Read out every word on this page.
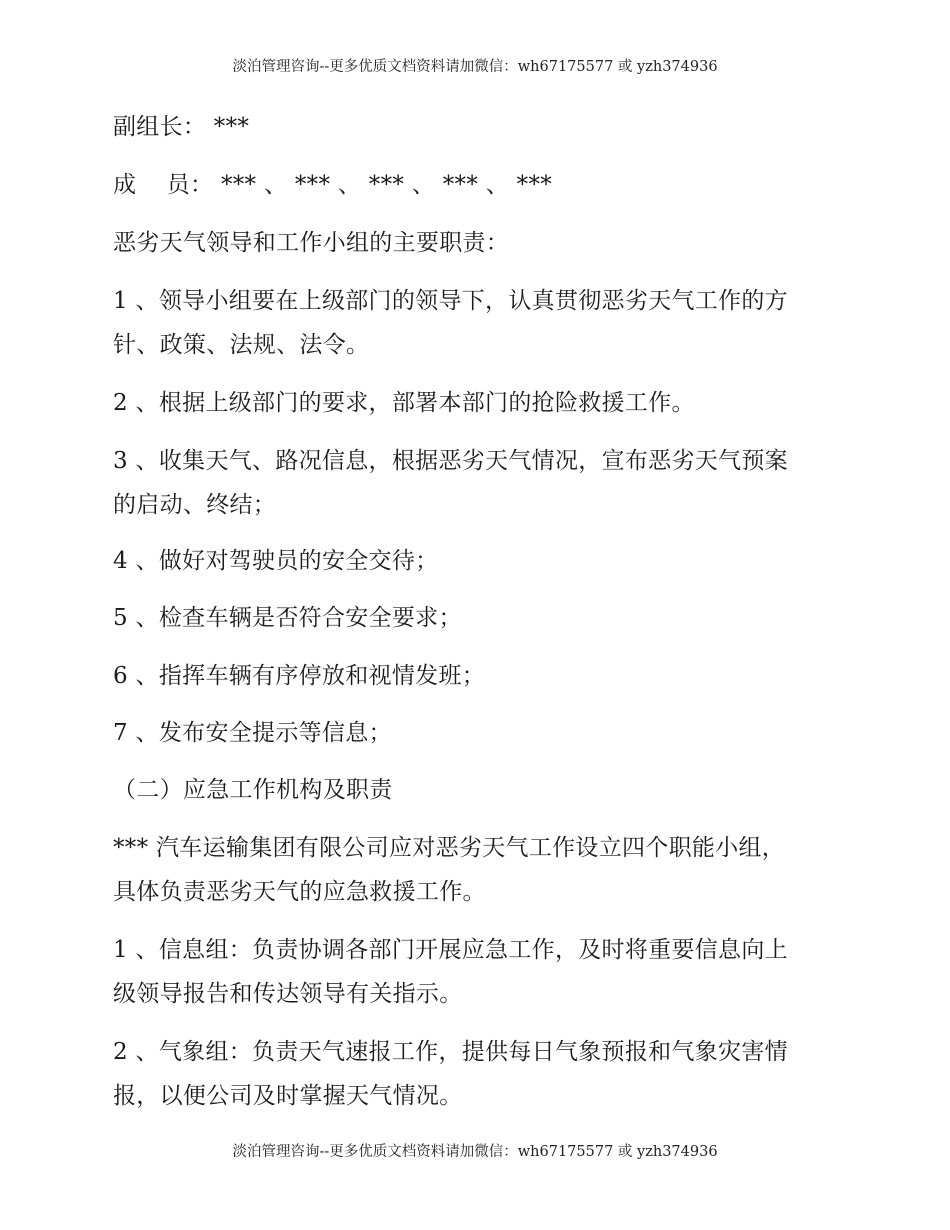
淡泊管理咨询--更多优质文档资料请加微信：wh67175577 或 yzh374936
副组长： ***
成    员： *** 、 *** 、 *** 、 *** 、 ***
恶劣天气领导和工作小组的主要职责：
1 、领导小组要在上级部门的领导下，认真贯彻恶劣天气工作的方
针、政策、法规、法令。
2 、根据上级部门的要求，部署本部门的抢险救援工作。
3 、收集天气、路况信息，根据恶劣天气情况，宣布恶劣天气预案
的启动、终结；
4 、做好对驾驶员的安全交待；
5 、检查车辆是否符合安全要求；
6 、指挥车辆有序停放和视情发班；
7 、发布安全提示等信息；
（二）应急工作机构及职责
*** 汽车运输集团有限公司应对恶劣天气工作设立四个职能小组，
具体负责恶劣天气的应急救援工作。
1 、信息组：负责协调各部门开展应急工作，及时将重要信息向上
级领导报告和传达领导有关指示。
2 、气象组：负责天气速报工作，提供每日气象预报和气象灾害情
报，以便公司及时掌握天气情况。
淡泊管理咨询--更多优质文档资料请加微信：wh67175577 或 yzh374936
